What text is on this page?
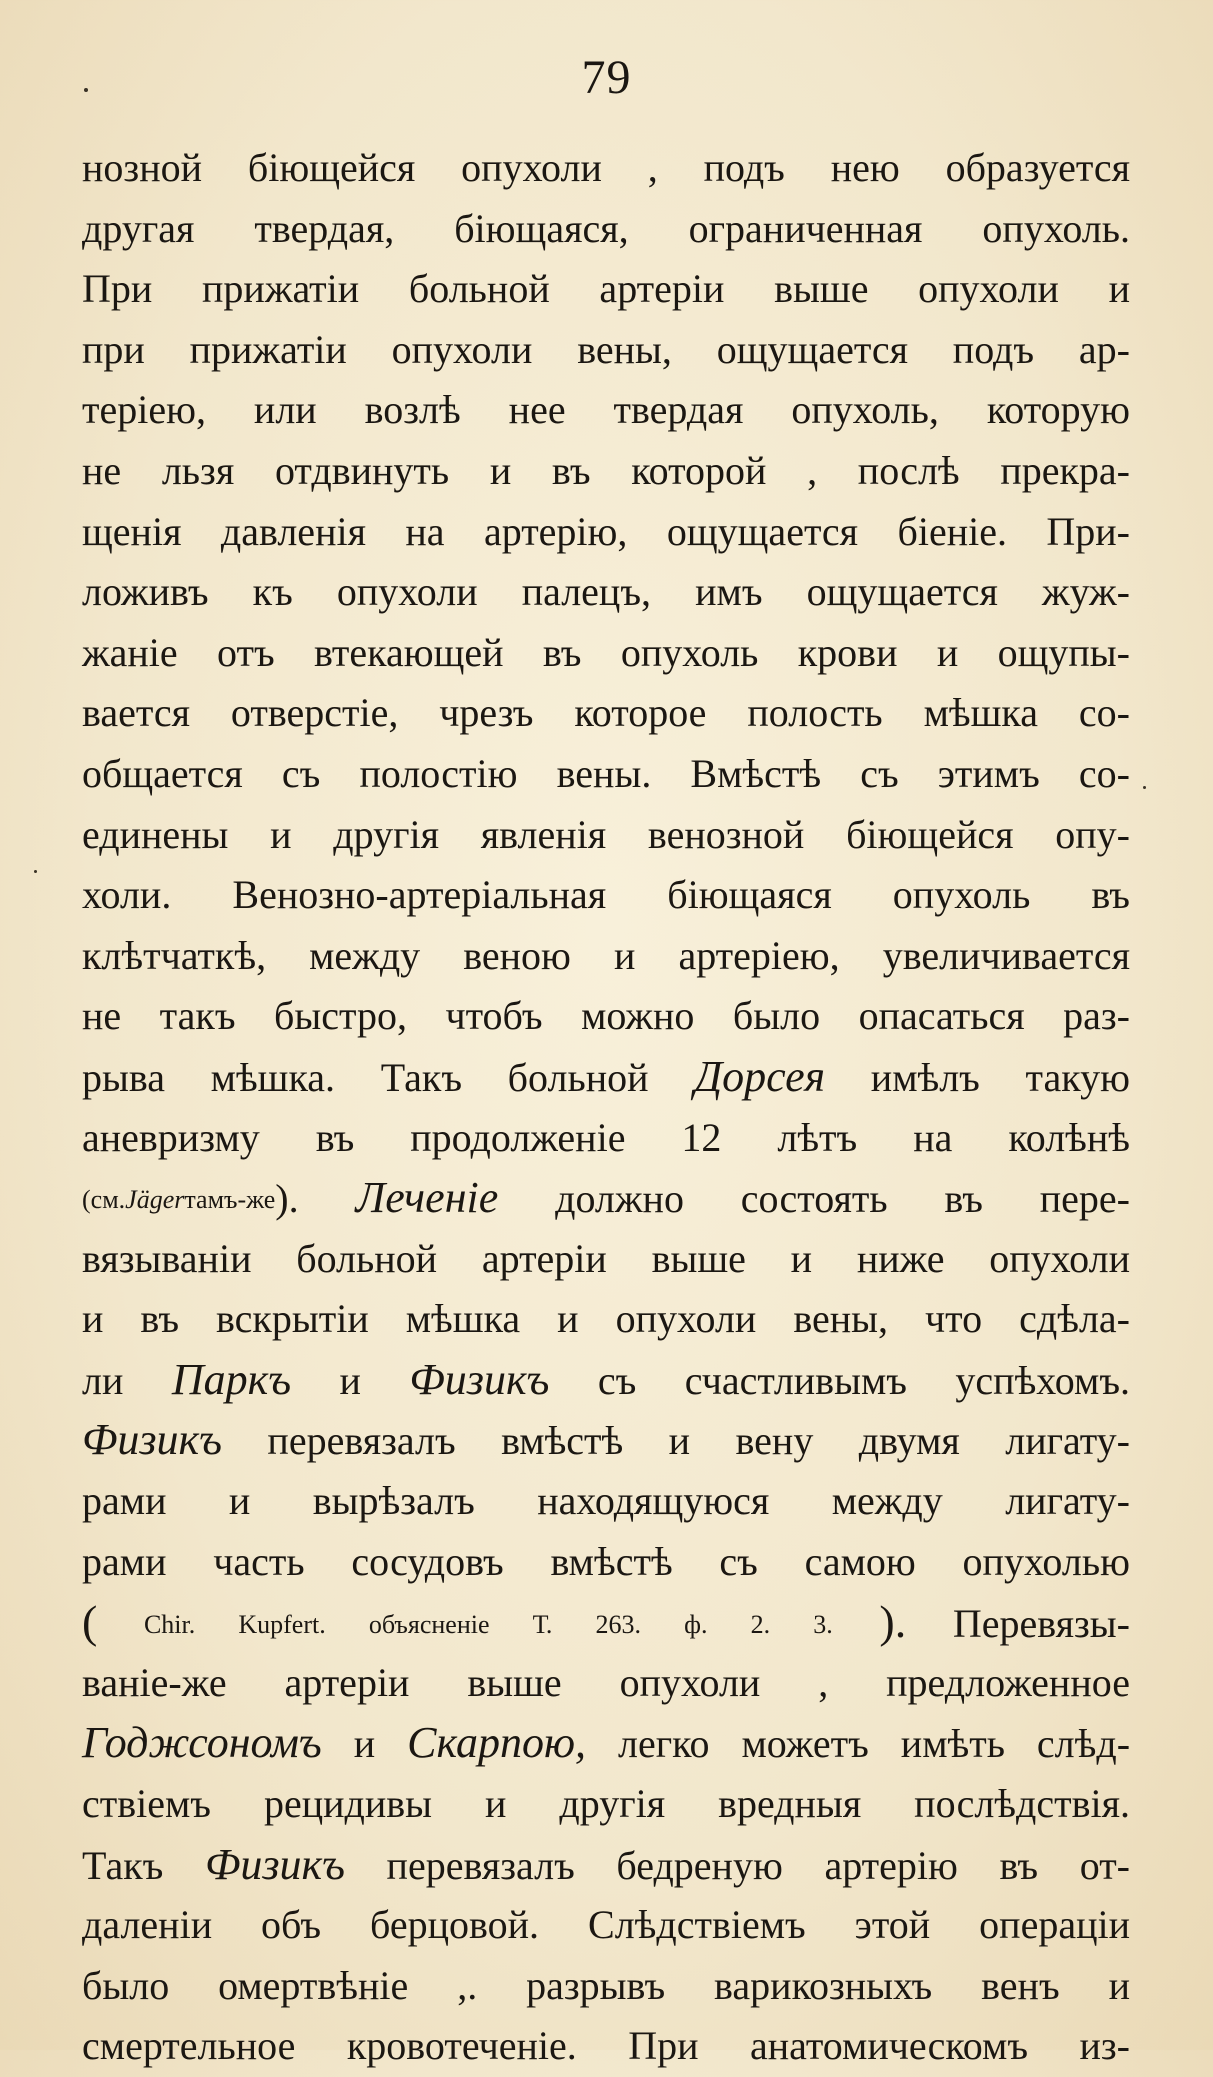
79
нозной біющейся опухоли , подъ нею образуется
другая твердая, біющаяся, ограниченная опухоль.
При прижатіи больной артеріи выше опухоли и
при прижатіи опухоли вены, ощущается подъ ар-
теріею, или возлѣ нее твердая опухоль, которую
не льзя отдвинуть и въ которой , послѣ прекра-
щенія давленія на артерію, ощущается біеніе. При-
ложивъ къ опухоли палецъ, имъ ощущается жуж-
жаніе отъ втекающей въ опухоль крови и ощупы-
вается отверстіе, чрезъ которое полость мѣшка со-
общается съ полостію вены. Вмѣстѣ съ этимъ со-
единены и другія явленія венозной біющейся опу-
холи. Венозно-артеріальная біющаяся опухоль въ
клѣтчаткѣ, между веною и артеріею, увеличивается
не такъ быстро, чтобъ можно было опасаться раз-
рыва мѣшка. Такъ больной Дорсея имѣлъ такую
аневризму въ продолженіе 12 лѣтъ на колѣнѣ
(см.Jägerтамъ-же). Леченіе должно состоять въ пере-
вязываніи больной артеріи выше и ниже опухоли
и въ вскрытіи мѣшка и опухоли вены, что сдѣла-
ли Паркъ и Физикъ съ счастливымъ успѣхомъ.
Физикъ перевязалъ вмѣстѣ и вену двумя лигату-
рами и вырѣзалъ находящуюся между лигату-
рами часть сосудовъ вмѣстѣ съ самою опухолью
( Chir. Kupfert. объясненіе Т. 263. ф. 2. 3. ). Перевязы-
ваніе-же артеріи выше опухоли , предложенное
Годжсономъ и Скарпою, легко можетъ имѣть слѣд-
ствіемъ рецидивы и другія вредныя послѣдствія.
Такъ Физикъ перевязалъ бедреную артерію въ от-
даленіи объ берцовой. Слѣдствіемъ этой операціи
было омертвѣніе ,. разрывъ варикозныхъ венъ и
смертельное кровотеченіе. При анатомическомъ из-
